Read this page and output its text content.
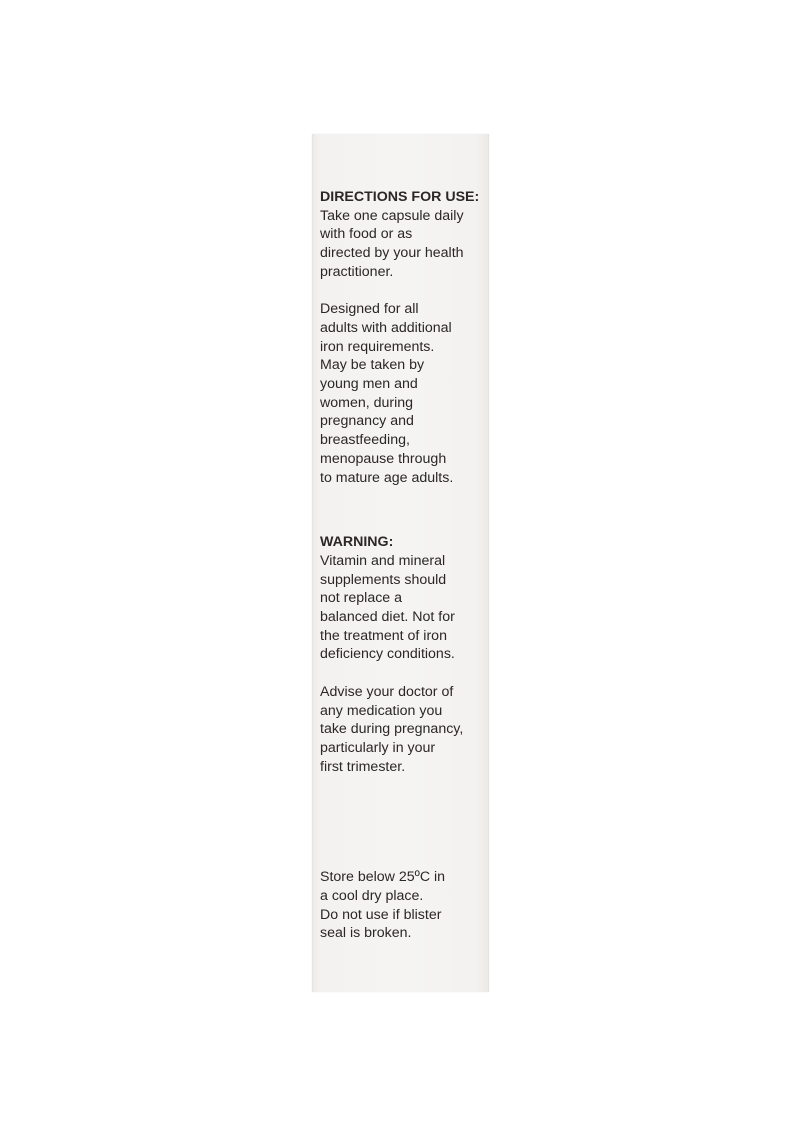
DIRECTIONS FOR USE:

Take one capsule daily

with food or as

directed by your health

practitioner.

Designed for all

adults with additional

iron requirements.

May be taken by

young men and

women, during

pregnancy and

breastfeeding,

menopause through

to mature age adults.

WARNING:

Vitamin and mineral

supplements should

not replace a

balanced diet. Not for

the treatment of iron

deficiency conditions.

Advise your doctor of

any medication you

take during pregnancy,

particularly in your

first trimester.

Store below 25ºC in

a cool dry place.

Do not use if blister

seal is broken.
